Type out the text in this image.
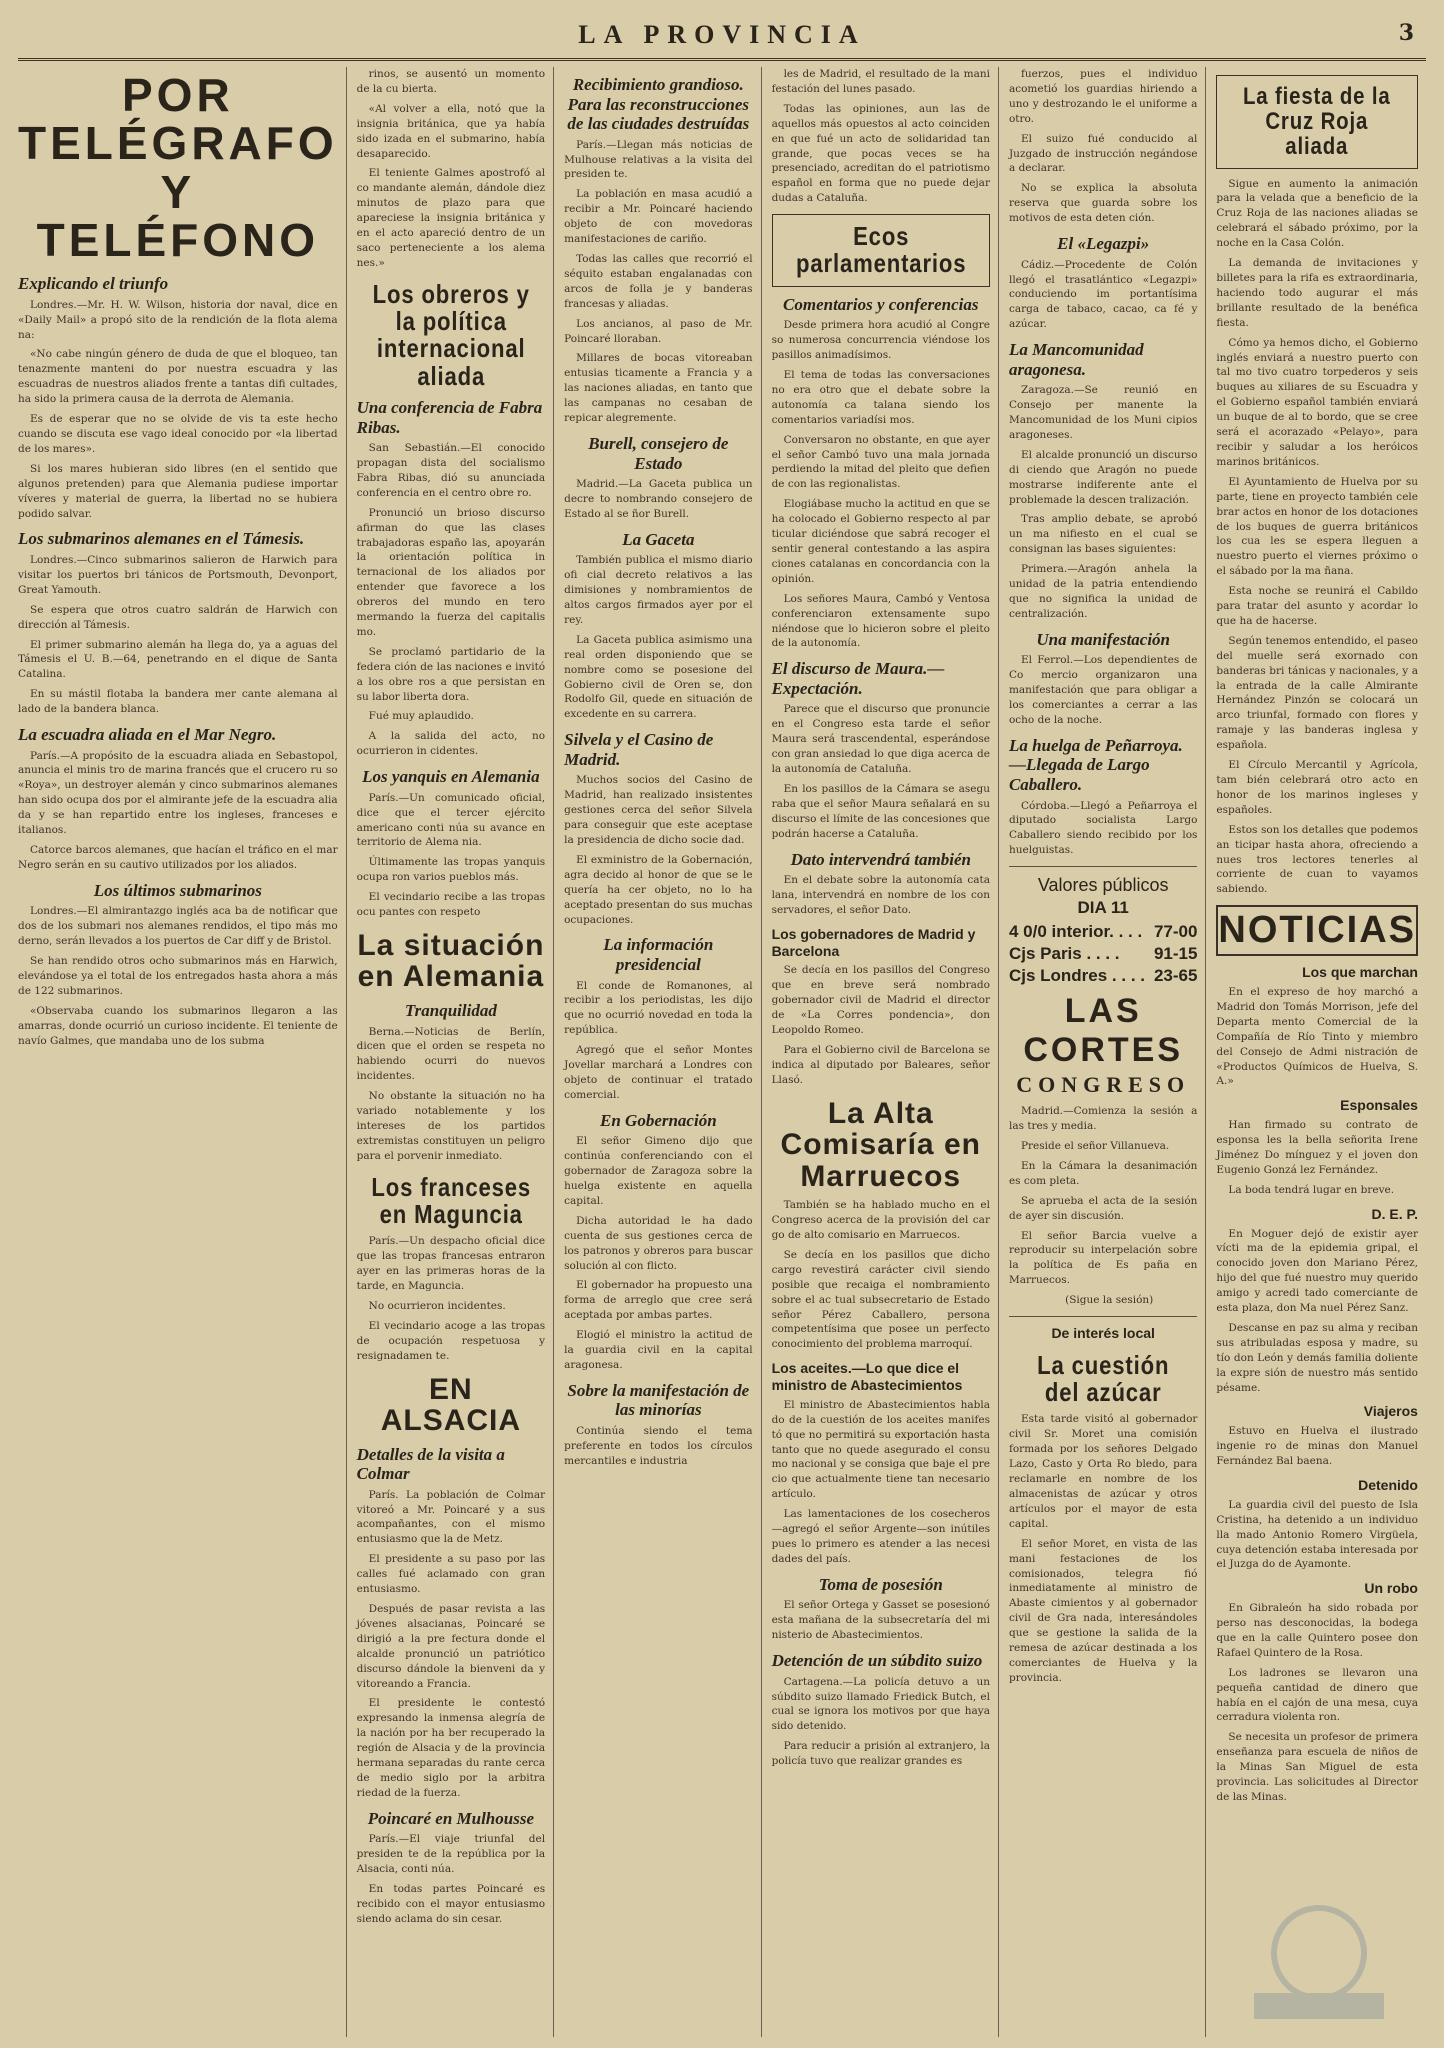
LA PROVINCIA	3
POR TELÉGRAFO
Y TELÉFONO
Explicando el triunfo

Londres.—Mr. H. W. Wilson, historia dor naval, dice en «Daily Mail» a propó sito de la rendición de la flota alema na:

«No cabe ningún género de duda de que el bloqueo, tan tenazmente manteni do por nuestra escuadra y las escuadras de nuestros aliados frente a tantas difi cultades, ha sido la primera causa de la derrota de Alemania.

Es de esperar que no se olvide de vis ta este hecho cuando se discuta ese vago ideal conocido por «la libertad de los mares».

Si los mares hubieran sido libres (en el sentido que algunos pretenden) para que Alemania pudiese importar víveres y material de guerra, la libertad no se hubiera podido salvar.

Los submarinos alemanes en el Támesis.

Londres.—Cinco submarinos salieron de Harwich para visitar los puertos bri tánicos de Portsmouth, Devonport, Great Yamouth.

Se espera que otros cuatro saldrán de Harwich con dirección al Támesis.

El primer submarino alemán ha llega do, ya a aguas del Támesis el U. B.—64, penetrando en el dique de Santa Catalina.

En su mástil flotaba la bandera mer cante alemana al lado de la bandera blanca.

La escuadra aliada en el Mar Negro.

París.—A propósito de la escuadra aliada en Sebastopol, anuncia el minis tro de marina francés que el crucero ru so «Roya», un destroyer alemán y cinco submarinos alemanes han sido ocupa dos por el almirante jefe de la escuadra alia da y se han repartido entre los ingleses, franceses e italianos.

Catorce barcos alemanes, que hacían el tráfico en el mar Negro serán en su cautivo utilizados por los aliados.

Los últimos submarinos

Londres.—El almirantazgo inglés aca ba de notificar que dos de los submari nos alemanes rendidos, el tipo más mo derno, serán llevados a los puertos de Car diff y de Bristol.

Se han rendido otros ocho submarinos más en Harwich, elevándose ya el total de los entregados hasta ahora a más de 122 submarinos.

«Observaba cuando los submarinos llegaron a las amarras, donde ocurrió un curioso incidente. El teniente de navío Galmes, que mandaba uno de los subma

rinos, se ausentó un momento de la cu bierta.

«Al volver a ella, notó que la insignia británica, que ya había sido izada en el submarino, había desaparecido.

El teniente Galmes apostrofó al co mandante alemán, dándole diez minutos de plazo para que apareciese la insignia británica y en el acto apareció dentro de un saco perteneciente a los alema nes.»

Los obreros y la política internacional aliada
Una conferencia de Fabra Ribas.

San Sebastián.—El conocido propagan dista del socialismo Fabra Ribas, dió su anunciada conferencia en el centro obre ro.

Pronunció un brioso discurso afirman do que las clases trabajadoras españo las, apoyarán la orientación política in ternacional de los aliados por entender que favorece a los obreros del mundo en tero mermando la fuerza del capitalis mo.

Se proclamó partidario de la federa ción de las naciones e invitó a los obre ros a que persistan en su labor liberta dora.

Fué muy aplaudido.

A la salida del acto, no ocurrieron in cidentes.

Los yanquis en Alemania

París.—Un comunicado oficial, dice que el tercer ejército americano conti núa su avance en territorio de Alema nia.

Últimamente las tropas yanquis ocupa ron varios pueblos más.

El vecindario recibe a las tropas ocu pantes con respeto

La situación en Alemania
Tranquilidad

Berna.—Noticias de Berlín, dicen que el orden se respeta no habiendo ocurri do nuevos incidentes.

No obstante la situación no ha variado notablemente y los intereses de los partidos extremistas constituyen un peligro para el porvenir inmediato.

Los franceses en Maguncia

París.—Un despacho oficial dice que las tropas francesas entraron ayer en las primeras horas de la tarde, en Maguncia.

No ocurrieron incidentes.

El vecindario acoge a las tropas de ocupación respetuosa y resignadamen te.

EN ALSACIA
Detalles de la visita a Colmar

París. La población de Colmar vitoreó a Mr. Poincaré y a sus acompañantes, con el mismo entusiasmo que la de Metz.

El presidente a su paso por las calles fué aclamado con gran entusiasmo.

Después de pasar revista a las jóvenes alsacianas, Poincaré se dirigió a la pre fectura donde el alcalde pronunció un patriótico discurso dándole la bienveni da y vitoreando a Francia.

El presidente le contestó expresando la inmensa alegría de la nación por ha ber recuperado la región de Alsacia y de la provincia hermana separadas du rante cerca de medio siglo por la arbitra riedad de la fuerza.

Poincaré en Mulhousse

París.—El viaje triunfal del presiden te de la república por la Alsacia, conti núa.

En todas partes Poincaré es recibido con el mayor entusiasmo siendo aclama do sin cesar.

Recibimiento grandioso. Para las reconstrucciones de las ciudades destruídas

París.—Llegan más noticias de Mulhouse relativas a la visita del presiden te.

La población en masa acudió a recibir a Mr. Poincaré haciendo objeto de con movedoras manifestaciones de cariño.

Todas las calles que recorrió el séquito estaban engalanadas con arcos de folla je y banderas francesas y aliadas.

Los ancianos, al paso de Mr. Poincaré lloraban.

Millares de bocas vitoreaban entusias ticamente a Francia y a las naciones aliadas, en tanto que las campanas no cesaban de repicar alegremente.

Burell, consejero de Estado

Madrid.—La Gaceta publica un decre to nombrando consejero de Estado al se ñor Burell.

La Gaceta

También publica el mismo diario ofi cial decreto relativos a las dimisiones y nombramientos de altos cargos firmados ayer por el rey.

La Gaceta publica asimismo una real orden disponiendo que se nombre como se posesione del Gobierno civil de Oren se, don Rodolfo Gil, quede en situación de excedente en su carrera.

Silvela y el Casino de Madrid.

Muchos socios del Casino de Madrid, han realizado insistentes gestiones cerca del señor Silvela para conseguir que este aceptase la presidencia de dicho socie dad.

El exministro de la Gobernación, agra decido al honor de que se le quería ha cer objeto, no lo ha aceptado presentan do sus muchas ocupaciones.

La información presidencial

El conde de Romanones, al recibir a los periodistas, les dijo que no ocurrió novedad en toda la república.

Agregó que el señor Montes Jovellar marchará a Londres con objeto de continuar el tratado comercial.

En Gobernación

El señor Gimeno dijo que continúa conferenciando con el gobernador de Zaragoza sobre la huelga existente en aquella capital.

Dicha autoridad le ha dado cuenta de sus gestiones cerca de los patronos y obreros para buscar solución al con flicto.

El gobernador ha propuesto una forma de arreglo que cree será aceptada por ambas partes.

Elogió el ministro la actitud de la guardia civil en la capital aragonesa.

Sobre la manifestación de las minorías

Continúa siendo el tema preferente en todos los círculos mercantiles e industria

les de Madrid, el resultado de la mani festación del lunes pasado.

Todas las opiniones, aun las de aquellos más opuestos al acto coinciden en que fué un acto de solidaridad tan grande, que pocas veces se ha presenciado, acreditan do el patriotismo español en forma que no puede dejar dudas a Cataluña.

Ecos parlamentarios
Comentarios y conferencias

Desde primera hora acudió al Congre so numerosa concurrencia viéndose los pasillos animadísimos.

El tema de todas las conversaciones no era otro que el debate sobre la autonomía ca talana siendo los comentarios variadísi mos.

Conversaron no obstante, en que ayer el señor Cambó tuvo una mala jornada perdiendo la mitad del pleito que defien de con las regionalistas.

Elogiábase mucho la actitud en que se ha colocado el Gobierno respecto al par ticular diciéndose que sabrá recoger el sentir general contestando a las aspira ciones catalanas en concordancia con la opinión.

Los señores Maura, Cambó y Ventosa conferenciaron extensamente supo niéndose que lo hicieron sobre el pleito de la autonomía.

El discurso de Maura.—Expectación.

Parece que el discurso que pronuncie en el Congreso esta tarde el señor Maura será trascendental, esperándose con gran ansiedad lo que diga acerca de la autonomía de Cataluña.

En los pasillos de la Cámara se asegu raba que el señor Maura señalará en su discurso el límite de las concesiones que podrán hacerse a Cataluña.

Dato intervendrá también

En el debate sobre la autonomía cata lana, intervendrá en nombre de los con servadores, el señor Dato.

Los gobernadores de Madrid y Barcelona

Se decía en los pasillos del Congreso que en breve será nombrado gobernador civil de Madrid el director de «La Corres pondencia», don Leopoldo Romeo.

Para el Gobierno civil de Barcelona se indica al diputado por Baleares, señor Llasó.

La Alta Comisaría en Marruecos

También se ha hablado mucho en el Congreso acerca de la provisión del car go de alto comisario en Marruecos.

Se decía en los pasillos que dicho cargo revestirá carácter civil siendo posible que recaiga el nombramiento sobre el ac tual subsecretario de Estado señor Pérez Caballero, persona competentísima que posee un perfecto conocimiento del problema marroquí.

Los aceites.—Lo que dice el ministro de Abastecimientos

El ministro de Abastecimientos habla do de la cuestión de los aceites manifes tó que no permitirá su exportación hasta tanto que no quede asegurado el consu mo nacional y se consiga que baje el pre cio que actualmente tiene tan necesario artículo.

Las lamentaciones de los cosecheros —agregó el señor Argente—son inútiles pues lo primero es atender a las necesi dades del país.

Toma de posesión

El señor Ortega y Gasset se posesionó esta mañana de la subsecretaría del mi nisterio de Abastecimientos.

Detención de un súbdito suizo

Cartagena.—La policía detuvo a un súbdito suizo llamado Friedick Butch, el cual se ignora los motivos por que haya sido detenido.

Para reducir a prisión al extranjero, la policía tuvo que realizar grandes es

fuerzos, pues el individuo acometió los guardias hiriendo a uno y destrozando le el uniforme a otro.

El suizo fué conducido al Juzgado de instrucción negándose a declarar.

No se explica la absoluta reserva que guarda sobre los motivos de esta deten ción.

El «Legazpi»

Cádiz.—Procedente de Colón llegó el trasatlántico «Legazpi» conduciendo im portantísima carga de tabaco, cacao, ca fé y azúcar.

La Mancomunidad aragonesa.

Zaragoza.—Se reunió en Consejo per manente la Mancomunidad de los Muni cipios aragoneses.

El alcalde pronunció un discurso di ciendo que Aragón no puede mostrarse indiferente ante el problemade la descen tralización.

Tras amplio debate, se aprobó un ma nifiesto en el cual se consignan las bases siguientes:

Primera.—Aragón anhela la unidad de la patria entendiendo que no significa la unidad de centralización.

Una manifestación

El Ferrol.—Los dependientes de Co mercio organizaron una manifestación que para obligar a los comerciantes a cerrar a las ocho de la noche.

La huelga de Peñarroya.—Llegada de Largo Caballero.

Córdoba.—Llegó a Peñarroya el diputado socialista Largo Caballero siendo recibido por los huelguistas.

Valores públicos
DIA 11
4 0/0 interior. . . . 77-00
Cjs Paris . . . . 91-15
Cjs Londres . . . . 23-65
LAS CORTES
CONGRESO

Madrid.—Comienza la sesión a las tres y media.

Preside el señor Villanueva.

En la Cámara la desanimación es com pleta.

Se aprueba el acta de la sesión de ayer sin discusión.

El señor Barcia vuelve a reproducir su interpelación sobre la política de Es paña en Marruecos.

(Sigue la sesión)

De interés local
La cuestión del azúcar

Esta tarde visitó al gobernador civil Sr. Moret una comisión formada por los señores Delgado Lazo, Casto y Orta Ro bledo, para reclamarle en nombre de los almacenistas de azúcar y otros artículos por el mayor de esta capital.

El señor Moret, en vista de las mani festaciones de los comisionados, telegra fió inmediatamente al ministro de Abaste cimientos y al gobernador civil de Gra nada, interesándoles que se gestione la salida de la remesa de azúcar destinada a los comerciantes de Huelva y la provincia.

La fiesta de la Cruz Roja aliada

Sigue en aumento la animación para la velada que a beneficio de la Cruz Roja de las naciones aliadas se celebrará el sábado próximo, por la noche en la Casa Colón.

La demanda de invitaciones y billetes para la rifa es extraordinaria, haciendo todo augurar el más brillante resultado de la benéfica fiesta.

Cómo ya hemos dicho, el Gobierno inglés enviará a nuestro puerto con tal mo tivo cuatro torpederos y seis buques au xiliares de su Escuadra y el Gobierno español también enviará un buque de al to bordo, que se cree será el acorazado «Pelayo», para recibir y saludar a los heróicos marinos británicos.

El Ayuntamiento de Huelva por su parte, tiene en proyecto también cele brar actos en honor de los dotaciones de los buques de guerra británicos los cua les se espera lleguen a nuestro puerto el viernes próximo o el sábado por la ma ñana.

Esta noche se reunirá el Cabildo para tratar del asunto y acordar lo que ha de hacerse.

Según tenemos entendido, el paseo del muelle será exornado con banderas bri tánicas y nacionales, y a la entrada de la calle Almirante Hernández Pinzón se colocará un arco triunfal, formado con flores y ramaje y las banderas inglesa y española.

El Círculo Mercantil y Agrícola, tam bién celebrará otro acto en honor de los marinos ingleses y españoles.

Estos son los detalles que podemos an ticipar hasta ahora, ofreciendo a nues tros lectores tenerles al corriente de cuan to vayamos sabiendo.

NOTICIAS
Los que marchan

En el expreso de hoy marchó a Madrid don Tomás Morrison, jefe del Departa mento Comercial de la Compañía de Río Tinto y miembro del Consejo de Admi nistración de «Productos Químicos de Huelva, S. A.»

Esponsales

Han firmado su contrato de esponsa les la bella señorita Irene Jiménez Do mínguez y el joven don Eugenio Gonzá lez Fernández.

La boda tendrá lugar en breve.

D. E. P.

En Moguer dejó de existir ayer vícti ma de la epidemia gripal, el conocido joven don Mariano Pérez, hijo del que fué nuestro muy querido amigo y acredi tado comerciante de esta plaza, don Ma nuel Pérez Sanz.

Descanse en paz su alma y reciban sus atribuladas esposa y madre, su tío don León y demás familia doliente la expre sión de nuestro más sentido pésame.

Viajeros

Estuvo en Huelva el ilustrado ingenie ro de minas don Manuel Fernández Bal baena.

Detenido

La guardia civil del puesto de Isla Cristina, ha detenido a un individuo lla mado Antonio Romero Virgüela, cuya detención estaba interesada por el Juzga do de Ayamonte.

Un robo

En Gibraleón ha sido robada por perso nas desconocidas, la bodega que en la calle Quintero posee don Rafael Quintero de la Rosa.

Los ladrones se llevaron una pequeña cantidad de dinero que había en el cajón de una mesa, cuya cerradura violenta ron.

Se necesita un profesor de primera enseñanza para escuela de niños de la Minas San Miguel de esta provincia. Las solicitudes al Director de las Minas.
